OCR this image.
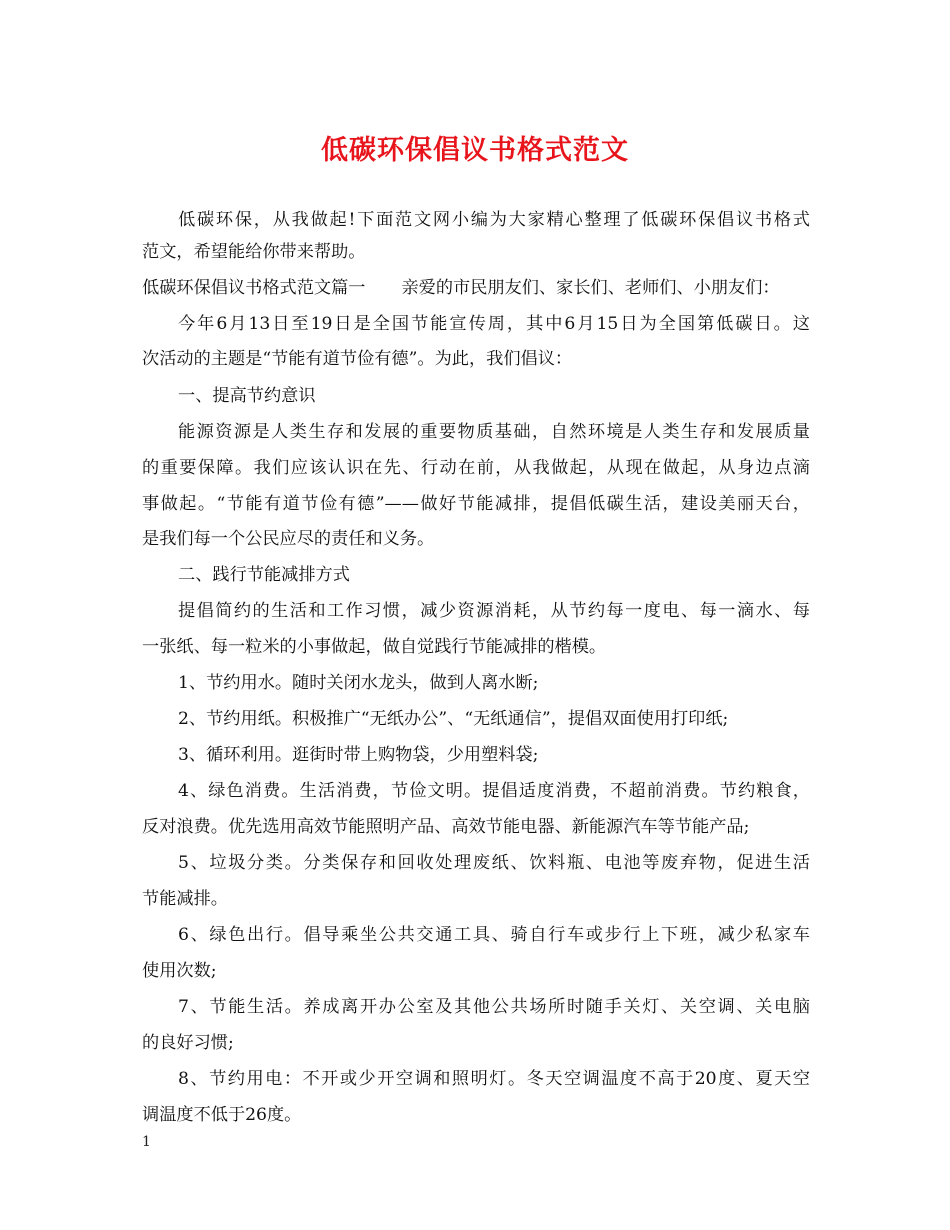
低碳环保倡议书格式范文
低碳环保，从我做起!下面范文网小编为大家精心整理了低碳环保倡议书格式
范文，希望能给你带来帮助。
低碳环保倡议书格式范文篇一 亲爱的市民朋友们、家长们、老师们、小朋友们：
今年6月13日至19日是全国节能宣传周，其中6月15日为全国第低碳日。这
次活动的主题是“节能有道节俭有德”。为此，我们倡议：
一、提高节约意识
能源资源是人类生存和发展的重要物质基础，自然环境是人类生存和发展质量
的重要保障。我们应该认识在先、行动在前，从我做起，从现在做起，从身边点滴
事做起。“节能有道节俭有德”——做好节能减排，提倡低碳生活，建设美丽天台，
是我们每一个公民应尽的责任和义务。
二、践行节能减排方式
提倡简约的生活和工作习惯，减少资源消耗，从节约每一度电、每一滴水、每
一张纸、每一粒米的小事做起，做自觉践行节能减排的楷模。
1、节约用水。随时关闭水龙头，做到人离水断;
2、节约用纸。积极推广“无纸办公”、“无纸通信”，提倡双面使用打印纸;
3、循环利用。逛街时带上购物袋，少用塑料袋;
4、绿色消费。生活消费，节俭文明。提倡适度消费，不超前消费。节约粮食，
反对浪费。优先选用高效节能照明产品、高效节能电器、新能源汽车等节能产品;
5、垃圾分类。分类保存和回收处理废纸、饮料瓶、电池等废弃物，促进生活
节能减排。
6、绿色出行。倡导乘坐公共交通工具、骑自行车或步行上下班，减少私家车
使用次数;
7、节能生活。养成离开办公室及其他公共场所时随手关灯、关空调、关电脑
的良好习惯;
8、节约用电：不开或少开空调和照明灯。冬天空调温度不高于20度、夏天空
调温度不低于26度。
1
